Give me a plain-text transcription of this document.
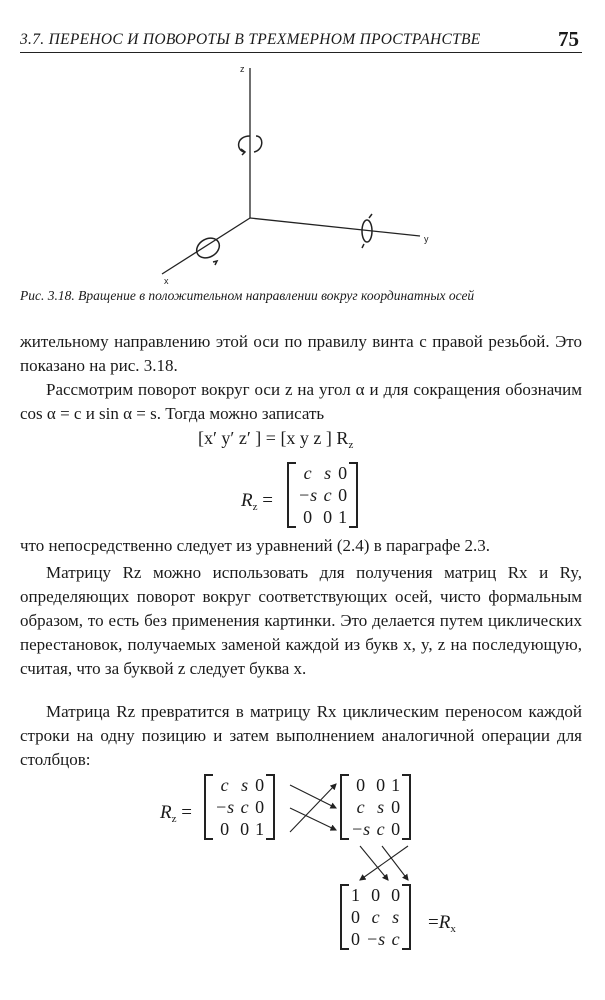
3.7. ПЕРЕНОС И ПОВОРОТЫ В ТРЕХМЕРНОМ ПРОСТРАНСТВЕ	75
z
y
x
Рис. 3.18. Вращение в положительном направлении вокруг координатных осей
жительному направлению этой оси по правилу винта с правой резьбой. Это показано на рис. 3.18.
Рассмотрим поворот вокруг оси z на угол α и для сокращения обозначим cos α = c и sin α = s. Тогда можно записать
[x′ y′ z′ ] = [x y z ] $R_z$
$R_z$ =
c	s	0
−s	c	0
0	0	1
что непосредственно следует из уравнений (2.4) в параграфе 2.3.
Матрицу Rz можно использовать для получения матриц Rx и Ry, определяющих поворот вокруг соответствующих осей, чисто формальным образом, то есть без применения картинки. Это делается путем циклических перестановок, получаемых заменой каждой из букв x, y, z на последующую, считая, что за буквой z следует буква x.
Матрица Rz превратится в матрицу Rx циклическим переносом каждой строки на одну позицию и затем выполнением аналогичной операции для столбцов:
$R_z$ =
c	s	0
−s	c	0
0	0	1
0	0	1
c	s	0
−s	c	0
1	0	0
0	c	s
0	−s	c
$=R_x$
